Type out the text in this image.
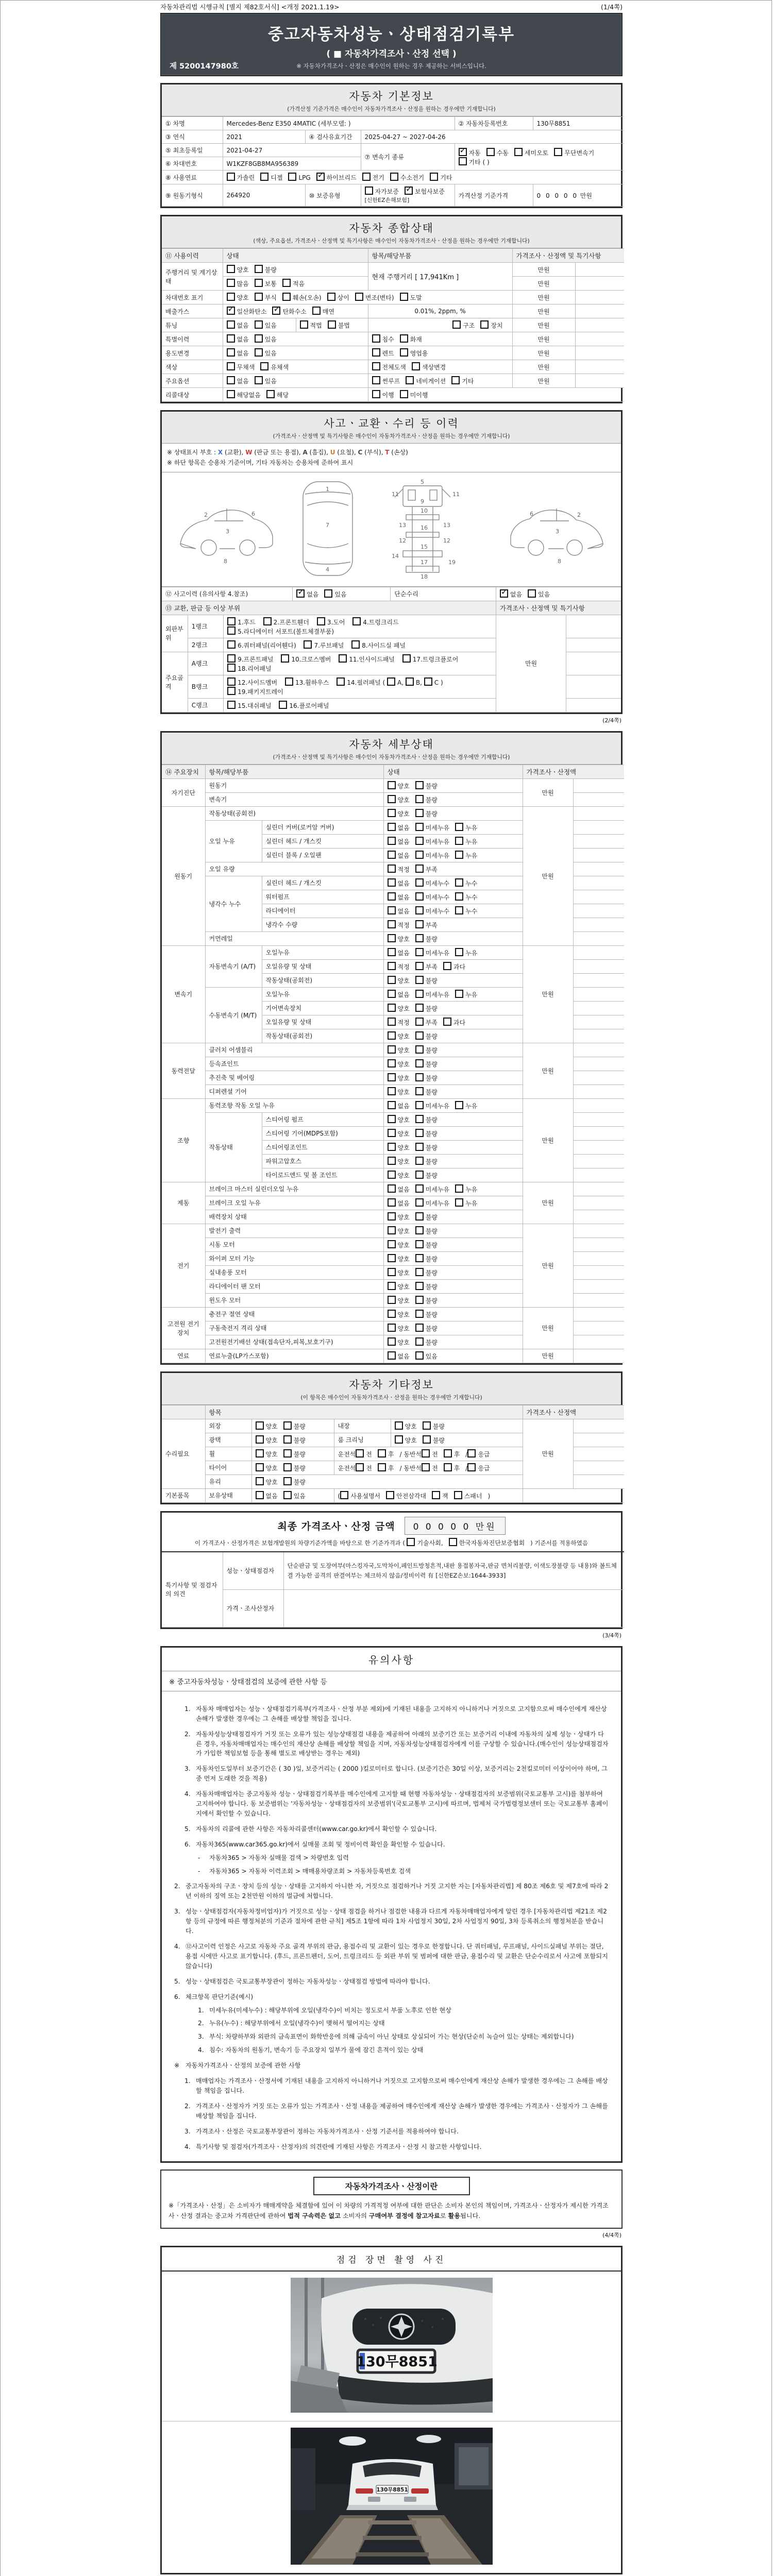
자동차관리법 시행규칙 [별지 제82호서식] <개정 2021.1.19>	(1/4쪽)
중고자동차성능ㆍ상태점검기록부
( ■ 자동차가격조사ㆍ산정 선택 )
※ 자동차가격조사ㆍ산정은 매수인이 원하는 경우 제공하는 서비스입니다.
제 5200147980호
자동차 기본정보
(가격산정 기준가격은 매수인이 자동차가격조사ㆍ산정을 원하는 경우에만 기재합니다)
① 차명	Mercedes-Benz E350 4MATIC (세부모델: )			② 자동차등록번호	130무8851
③ 연식	2021	④ 검사유효기간	2025-04-27 ~ 2027-04-26		
⑤ 최초등록일	2021-04-27		⑦ 변속기 종류	✓자동 수동 세미오토 무단변속기기타 ( )
⑥ 차대번호	W1KZF8GB8MA956389				
⑧ 사용연료	가솔린 디젤 LPG ✓ 하이브리드 전기 수소전기 기타
⑨ 원동기형식	264920	⑩ 보증유형	자가보증 ✓ 보험사보증 [신한EZ손해보험]	가격산정 기준가격	0 0 0 0 0 만원
자동차 종합상태
(색상, 주요옵션, 가격조사ㆍ산정액 및 특기사항은 매수인이 자동차가격조사ㆍ산정을 원하는 경우에만 기재합니다)
⑪ 사용이력	상태		항목/해당부품	가격조사ㆍ산정액 및 특기사항	
주행거리 및 계기상태	양호 불량		현재 주행거리 [ 17,941Km ]	만원	
	많음 보통 적음			만원	
차대번호 표기	양호 부식 훼손(오손) 상이 변조(변타) 도말			만원	
배출가스	✓일산화탄소 ✓ 탄화수소 매연		0.01%, 2ppm, %	만원	
튜닝	없음 있음	적법 불법	구조 장치	만원	
특별이력	없음 있음		침수 화재	만원	
용도변경	없음 있음		렌트 영업용	만원	
색상	무채색 유채색		전체도색 색상변경	만원	
주요옵션	없음 있음		썬루프 네비게이션 기타	만원	
리콜대상	해당없음 해당		이행 미이행		
사고ㆍ교환ㆍ수리 등 이력
(가격조사ㆍ산정액 및 특기사항은 매수인이 자동차가격조사ㆍ산정을 원하는 경우에만 기재합니다)
※ 상태표시 부호 : X (교환), W (판금 또는 용접), A (흠집), U (요철), C (부식), T (손상)
※ 하단 항목은 승용차 기준이며, 기타 자동차는 승용차에 준하여 표시
2
3
6
8
1
7
4
5
11	11
9
10
13	13
12	12
16
15
17
18
19
14
2
3
6
8
⑫ 사고이력 (유의사항 4.참조)	✓없음 있음	단순수리	✓없음 있음
⑬ 교환, 판금 등 이상 부위					가격조사ㆍ산정액 및 특기사항	
외판부위	1랭크	1.후드 2.프론트휀더 3.도어 4.트렁크리드 5.라디에이터 서포트(볼트체결부품)			만원	
	2랭크	6.쿼터패널(리어휀다) 7.루브패널 8.사이드실 패널				
주요골격	A랭크	9.프론트패널 10.크로스멤버 11.인사이드패널 17.트렁크플로어 18.리어패널				
	B랭크	12.사이드멤버 13.휠하우스 14.필러패널 ( A, B, C ) 19.패키지트레이				
	C랭크	15.대쉬패널 16.플로어패널				
(2/4쪽)
자동차 세부상태
(가격조사ㆍ산정액 및 특기사항은 매수인이 자동차가격조사ㆍ산정을 원하는 경우에만 기재합니다)
⑭ 주요장치	항목/해당부품		상태	가격조사ㆍ산정액	
자기진단	원동기		양호 불량	만원	
	변속기		양호 불량		
원동기	작동상태(공회전)		양호 불량	만원	
	오일 누유	실린더 커버(로커암 커버)	없음 미세누유 누유		
		실린더 헤드 / 개스킷	없음 미세누유 누유		
		실린더 블록 / 오일팬	없음 미세누유 누유		
	오일 유량		적정 부족		
	냉각수 누수	실린더 헤드 / 개스킷	없음 미세누수 누수		
		워터펌프	없음 미세누수 누수		
		라디에이터	없음 미세누수 누수		
		냉각수 수량	적정 부족		
	커먼레일		양호 불량		
변속기	자동변속기 (A/T)	오일누유	없음 미세누유 누유	만원	
		오일유량 및 상태	적정 부족 과다		
		작동상태(공회전)	양호 불량		
	수동변속기 (M/T)	오일누유	없음 미세누유 누유		
		기어변속장치	양호 불량		
		오일유량 및 상태	적정 부족 과다		
		작동상태(공회전)	양호 불량		
동력전달	클러치 어셈블리		양호 불량	만원	
	등속죠인트		양호 불량		
	추진축 및 베어링		양호 불량		
	디퍼렌셜 기어		양호 불량		
조향	동력조향 작동 오일 누유		없음 미세누유 누유	만원	
	작동상태	스티어링 펌프	양호 불량		
		스티어링 기어(MDPS포함)	양호 불량		
		스티어링조인트	양호 불량		
		파워고압호스	양호 불량		
		타이로드엔드 및 볼 조인트	양호 불량		
제동	브레이크 마스터 실린더오일 누유		없음 미세누유 누유	만원	
	브레이크 오일 누유		없음 미세누유 누유		
	배력장치 상태		양호 불량		
전기	발전기 출력		양호 불량	만원	
	시동 모터		양호 불량		
	와이퍼 모터 기능		양호 불량		
	실내송풍 모터		양호 불량		
	라디에이터 팬 모터		양호 불량		
	윈도우 모터		양호 불량		
고전원 전기장치	충전구 절연 상태		양호 불량	만원	
	구동축전지 격리 상태		양호 불량		
	고전원전기배선 상태(접속단자,피복,보호기구)		양호 불량		
연료	연료누출(LP가스포함)		없음 있음	만원	
자동차 기타정보
(이 항목은 매수인이 자동차가격조사ㆍ산정을 원하는 경우에만 기재합니다)
	항목				가격조사ㆍ산정액	
수리필요	외장	양호 불량	내장	양호 불량	만원	
	광택	양호 불량	룸 크리닝	양호 불량		
	휠	양호 불량	운전석 전 후 / 동반석 전 후 / 응급			
	타이어	양호 불량	운전석 전 후 / 동반석 전 후 / 응급			
	유리	양호 불량				
기본품목	보유상태	없음 있음	( 사용설명서 안전삼각대 잭 스패너 )			
최종 가격조사ㆍ산정 금액	0 0 0 0 0 만원
이 가격조사ㆍ산정가격은 보험개발원의 차량기준가액을 바탕으로 한 기준가격과 ( 기술사회,	한국자동차진단보증협회 ) 기준서를 적용하였음
특기사항 및 점검자의 의견	성능ㆍ상태점검자	단순판금 및 도장여부(마스킹자국,도막차이,페인트방청흔적,내판 용접봉자국,판금 면처리불량, 이색도장불량 등 내용)와 볼트체결 가능한 골격의 판결여부는 체크하지 않음/정비이력 有 [신한EZ손보:1644-3933]
	가격ㆍ조사산정자	
(3/4쪽)
유의사항
※ 중고자동차성능ㆍ상태점검의 보증에 관한 사항 등
1. 자동차 매매업자는 성능ㆍ상태점검기록부(가격조사ㆍ산정 부분 제외)에 기재된 내용을 고지하지 아니하거나 거짓으로 고지함으로써 매수인에게 재산상 손해가 발생한 경우에는 그 손해를 배상할 책임을 집니다.
2. 자동차성능상태점검자가 거짓 또는 오류가 있는 성능상태점검 내용을 제공하여 아래의 보증기간 또는 보증거리 이내에 자동차의 실제 성능ㆍ상태가 다른 경우, 자동차매매업자는 매수인의 재산상 손해를 배상할 책임을 지며, 자동차성능상태점검자에게 이를 구상할 수 있습니다.(매수인이 성능상태점검자가 가입한 책임보험 등을 통해 별도로 배상받는 경우는 제외)
3. 자동차인도일부터 보증기간은 ( 30 )일, 보증거리는 ( 2000 )킬로미터로 합니다. (보증기간은 30일 이상, 보증거리는 2천킬로미터 이상이어야 하며, 그 중 먼저 도래한 것을 적용)
4. 자동차매매업자는 중고자동차 성능ㆍ상태점검기록부를 매수인에게 고지할 때 현행 자동차성능ㆍ상태점검자의 보증범위(국토교통부 고시)를 첨부하여 고지하여야 합니다. 동 보증범위는 '자동차성능ㆍ상태점검자의 보증범위'(국토교통부 고시)에 따르며, 법제처 국가법령정보센터 또는 국토교통부 홈페이지에서 확인할 수 있습니다.
5. 자동차의 리콜에 관한 사항은 자동차리콜센터(www.car.go.kr)에서 확인할 수 있습니다.
6. 자동차365(www.car365.go.kr)에서 실매물 조회 및 정비이력 확인을 확인할 수 있습니다.
-	자동차365 > 자동차 실매물 검색 > 차량번호 입력
-	자동차365 > 자동차 이력조회 > 매매용차량조회 > 자동차등록번호 검색
2. 중고자동차의 구조ㆍ장치 등의 성능ㆍ상태를 고지하지 아니한 자, 거짓으로 점검하거나 거짓 고지한 자는 [자동차관리법] 제 80조 제6호 및 제7호에 따라 2년 이하의 징역 또는 2천만원 이하의 벌금에 처합니다.
3. 성능ㆍ상태점검자(자동차정비업자)가 거짓으로 성능ㆍ상태 점검을 하거나 점검한 내용과 다르게 자동차매매업자에게 알린 경우 [자동차관리법 제21조 제2항 등의 규정에 따른 행정처분의 기준과 절차에 관한 규칙] 제5조 1항에 따라 1차 사업정지 30일, 2차 사업정지 90일, 3차 등록취소의 행정처분을 받습니다.
4. ⑫사고이력 인정은 사고로 자동차 주요 골격 부위의 판금, 용접수리 및 교환이 있는 경우로 한정합니다. 단 쿼터패널, 루프패널, 사이드실패널 부위는 절단, 용접 시에만 사고로 표기합니다. (후드, 프론트펜더, 도어, 트렁크리드 등 외판 부위 및 범퍼에 대한 판금, 용접수리 및 교환은 단순수리로서 사고에 포함되지 않습니다)
5. 성능ㆍ상태점검은 국토교통부장관이 정하는 자동차성능ㆍ상태점검 방법에 따라야 합니다.
6. 체크항목 판단기준(예시)
1. 미세누유(미세누수) : 해당부위에 오일(냉각수)이 비치는 정도로서 부품 노후로 인한 현상
2. 누유(누수) : 해당부위에서 오일(냉각수)이 맺혀서 떨어지는 상태
3. 부식: 차량하부와 외판의 금속표면이 화학반응에 의해 금속이 아닌 상태로 상실되어 가는 현상(단순히 녹슬어 있는 상태는 제외합니다)
4. 침수: 자동차의 원동기, 변속기 등 주요장치 일부가 물에 잠긴 흔적이 있는 상태
※ 자동차가격조사ㆍ산정의 보증에 관한 사항
1. 매매업자는 가격조사ㆍ산정서에 기재된 내용을 고지하지 아니하거나 거짓으로 고지함으로써 매수인에게 재산상 손해가 발생한 경우에는 그 손해를 배상할 책임을 집니다.
2. 가격조사ㆍ산정자가 거짓 또는 오류가 있는 가격조사ㆍ산정 내용을 제공하여 매수인에게 재산상 손해가 발생한 경우에는 가격조사ㆍ산정자가 그 손해를 배상할 책임을 집니다.
3. 가격조사ㆍ산정은 국토교통부장관이 정하는 자동차가격조사ㆍ산정 기준서를 적용하여야 합니다.
4. 특기사항 및 점검자(가격조사ㆍ산정자)의 의견란에 기재된 사항은 가격조사ㆍ산정 시 참고한 사항입니다.
자동차가격조사ㆍ산정이란
※「가격조사ㆍ산정」은 소비자가 매매계약을 체결함에 있어 이 차량의 가격적정 여부에 대한 판단은 소비자 본인의 책임이며, 가격조사ㆍ산정자가 제시한 가격조사ㆍ산정 결과는 중고차 가격판단에 관하여 법적 구속력은 없고 소비자의 구매여부 결정에 참고자료로 활용됩니다.
(4/4쪽)
점검 장면 촬영 사진
130무8851
130무8851
